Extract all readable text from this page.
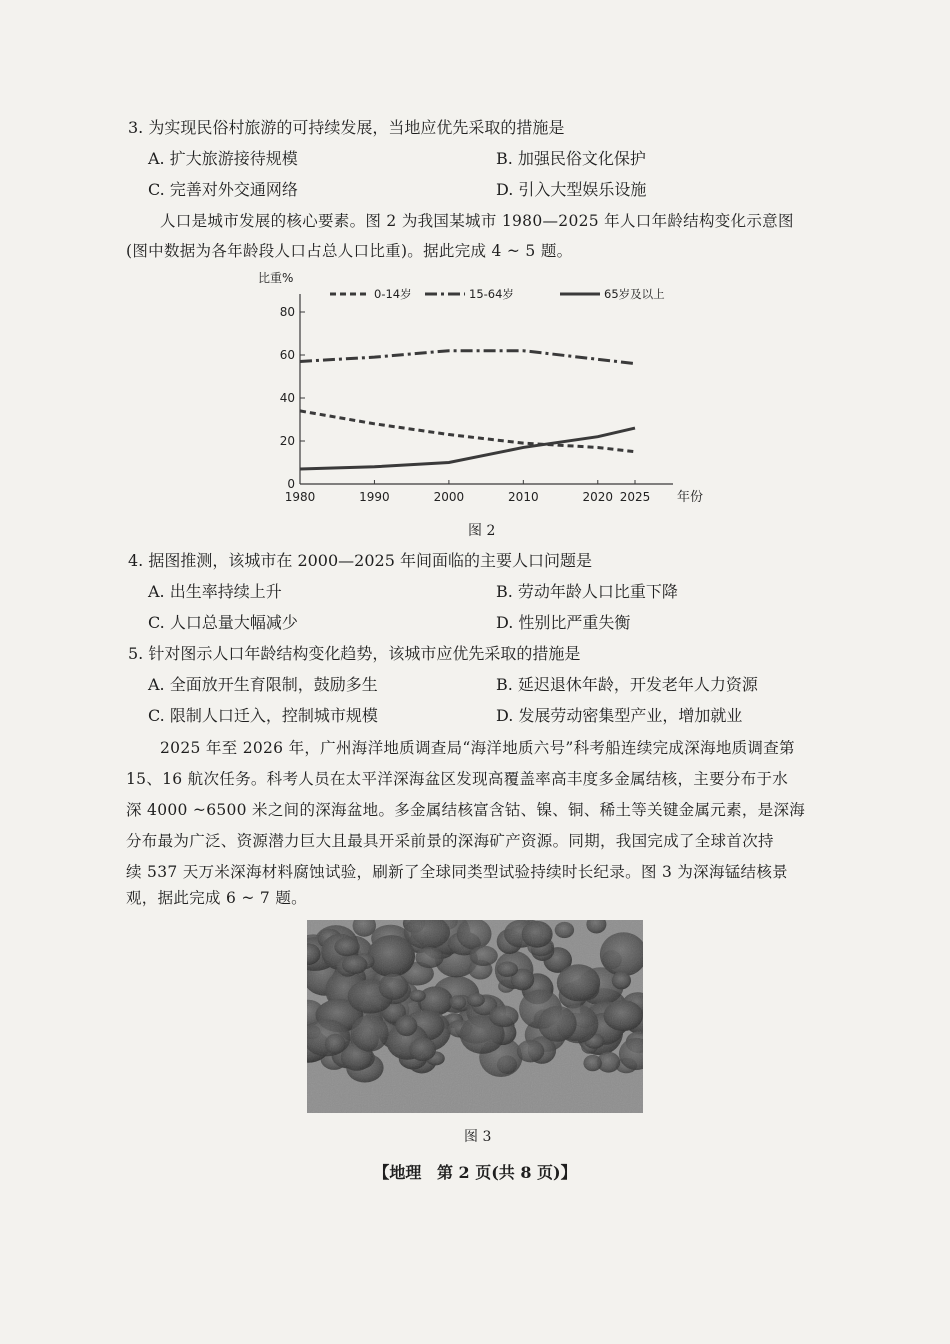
3. 为实现民俗村旅游的可持续发展，当地应优先采取的措施是
A. 扩大旅游接待规模	B. 加强民俗文化保护
C. 完善对外交通网络	D. 引入大型娱乐设施
人口是城市发展的核心要素。图 2 为我国某城市 1980—2025 年人口年龄结构变化示意图
(图中数据为各年龄段人口占总人口比重)。据此完成 4 ~ 5 题。
0
20
40
60
80
1980	1990	2000	2010	2020 2025
比重%
年份
0-14岁	15-64岁	65岁及以上
图 2
4. 据图推测，该城市在 2000—2025 年间面临的主要人口问题是
A. 出生率持续上升	B. 劳动年龄人口比重下降
C. 人口总量大幅减少	D. 性别比严重失衡
5. 针对图示人口年龄结构变化趋势，该城市应优先采取的措施是
A. 全面放开生育限制，鼓励多生	B. 延迟退休年龄，开发老年人力资源
C. 限制人口迁入，控制城市规模	D. 发展劳动密集型产业，增加就业
2025 年至 2026 年，广州海洋地质调查局“海洋地质六号”科考船连续完成深海地质调查第
15、16 航次任务。科考人员在太平洋深海盆区发现高覆盖率高丰度多金属结核，主要分布于水
深 4000 ~6500 米之间的深海盆地。多金属结核富含钴、镍、铜、稀土等关键金属元素，是深海
分布最为广泛、资源潜力巨大且最具开采前景的深海矿产资源。同期，我国完成了全球首次持
续 537 天万米深海材料腐蚀试验，刷新了全球同类型试验持续时长纪录。图 3 为深海锰结核景
观，据此完成 6 ~ 7 题。
图 3
【地理 第 2 页(共 8 页)】
